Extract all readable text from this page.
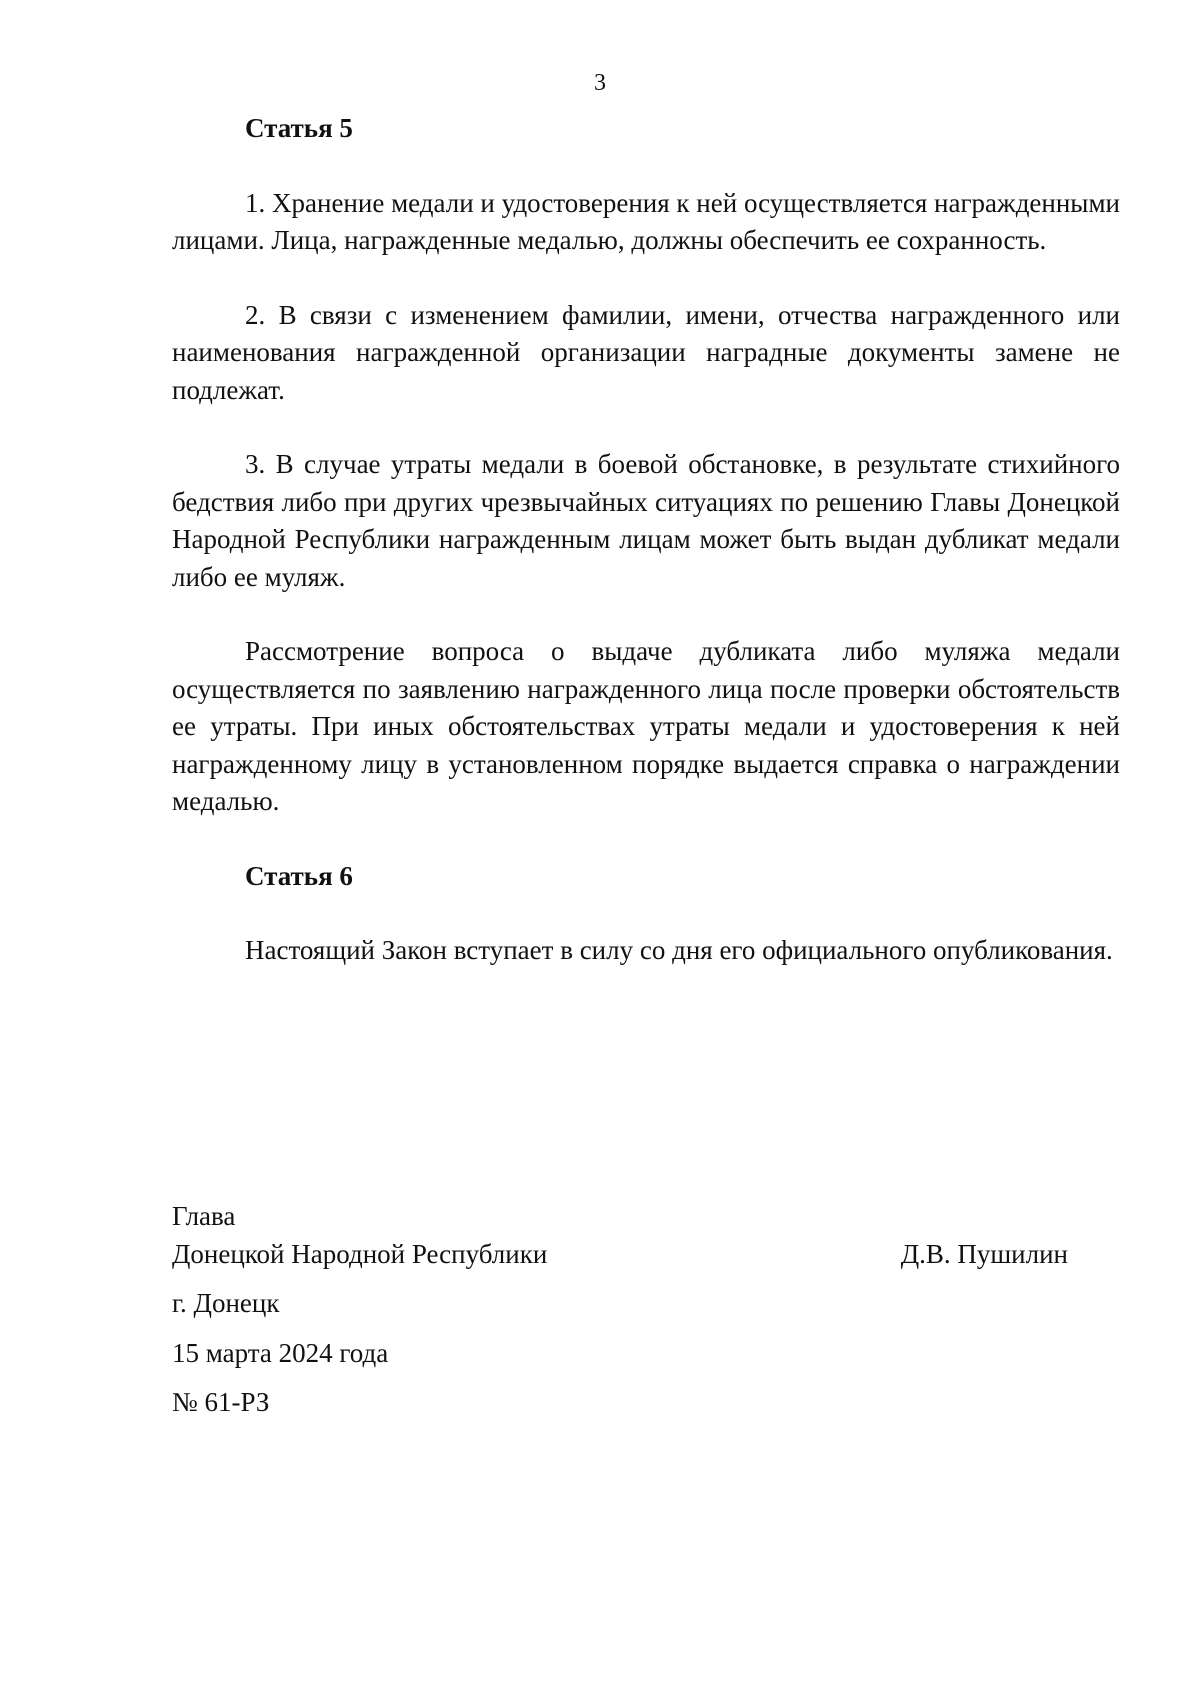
3
Статья 5

1. Хранение медали и удостоверения к ней осуществляется награжденными лицами. Лица, награжденные медалью, должны обеспечить ее сохранность.

2. В связи с изменением фамилии, имени, отчества награжденного или наименования награжденной организации наградные документы замене не подлежат.

3. В случае утраты медали в боевой обстановке, в результате стихийного бедствия либо при других чрезвычайных ситуациях по решению Главы Донецкой Народной Республики награжденным лицам может быть выдан дубликат медали либо ее муляж.

Рассмотрение вопроса о выдаче дубликата либо муляжа медали осуществляется по заявлению награжденного лица после проверки обстоятельств ее утраты. При иных обстоятельствах утраты медали и удостоверения к ней награжденному лицу в установленном порядке выдается справка о награждении медалью.

Статья 6

Настоящий Закон вступает в силу со дня его официального опубликования.

Глава
Донецкой Народной Республики	Д.В. Пушилин
г. Донецк
15 марта 2024 года
№ 61-РЗ
